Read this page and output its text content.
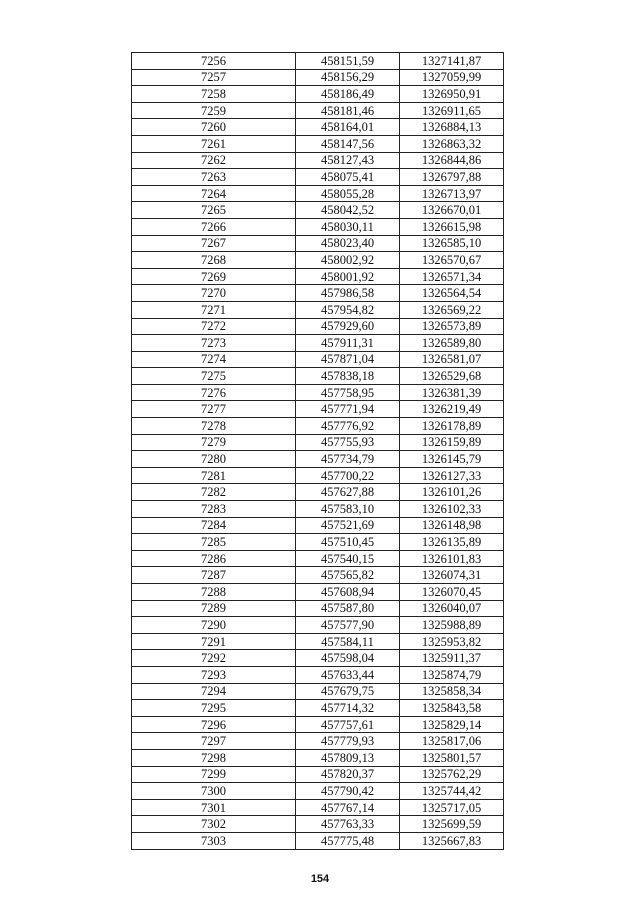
7256	458151,59	1327141,87
7257	458156,29	1327059,99
7258	458186,49	1326950,91
7259	458181,46	1326911,65
7260	458164,01	1326884,13
7261	458147,56	1326863,32
7262	458127,43	1326844,86
7263	458075,41	1326797,88
7264	458055,28	1326713,97
7265	458042,52	1326670,01
7266	458030,11	1326615,98
7267	458023,40	1326585,10
7268	458002,92	1326570,67
7269	458001,92	1326571,34
7270	457986,58	1326564,54
7271	457954,82	1326569,22
7272	457929,60	1326573,89
7273	457911,31	1326589,80
7274	457871,04	1326581,07
7275	457838,18	1326529,68
7276	457758,95	1326381,39
7277	457771,94	1326219,49
7278	457776,92	1326178,89
7279	457755,93	1326159,89
7280	457734,79	1326145,79
7281	457700,22	1326127,33
7282	457627,88	1326101,26
7283	457583,10	1326102,33
7284	457521,69	1326148,98
7285	457510,45	1326135,89
7286	457540,15	1326101,83
7287	457565,82	1326074,31
7288	457608,94	1326070,45
7289	457587,80	1326040,07
7290	457577,90	1325988,89
7291	457584,11	1325953,82
7292	457598,04	1325911,37
7293	457633,44	1325874,79
7294	457679,75	1325858,34
7295	457714,32	1325843,58
7296	457757,61	1325829,14
7297	457779,93	1325817,06
7298	457809,13	1325801,57
7299	457820,37	1325762,29
7300	457790,42	1325744,42
7301	457767,14	1325717,05
7302	457763,33	1325699,59
7303	457775,48	1325667,83
154
